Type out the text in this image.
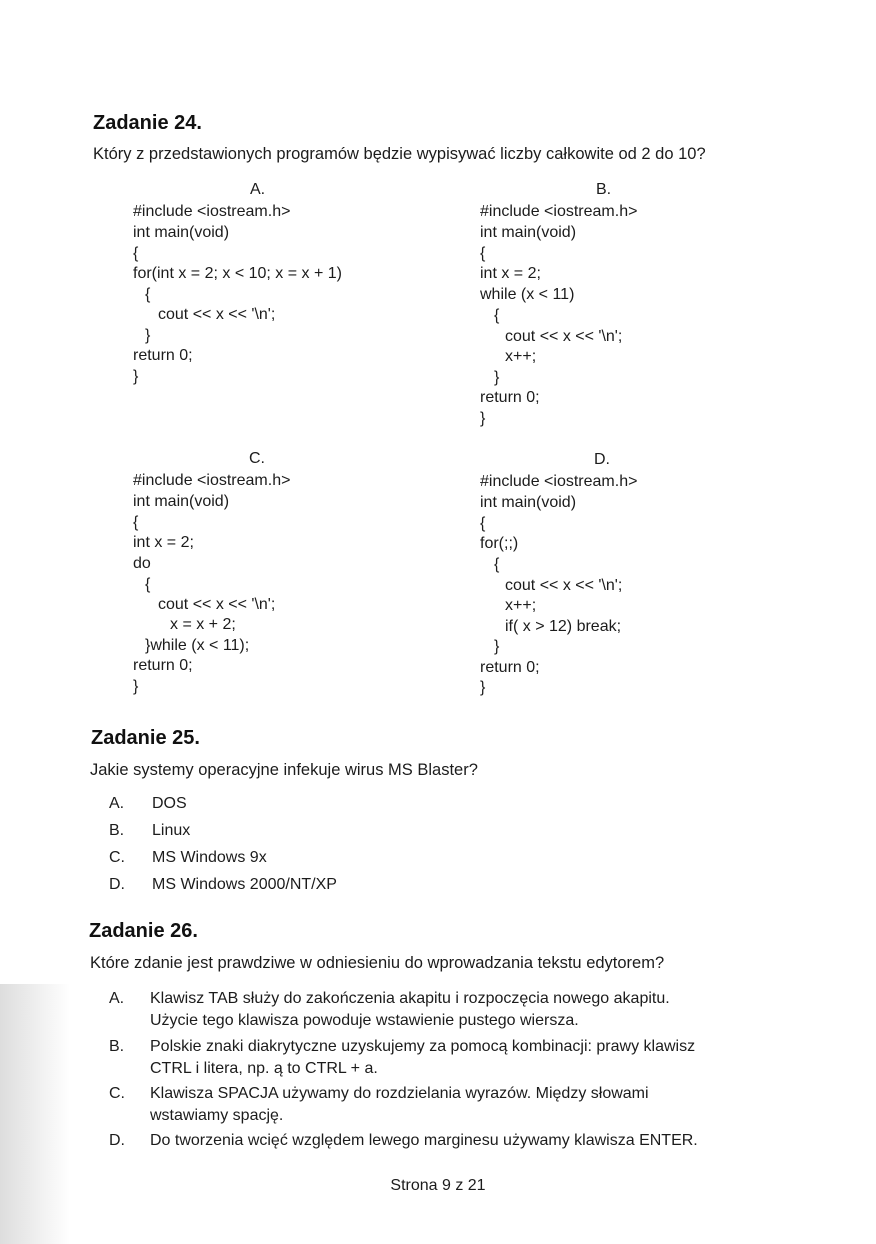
Zadanie 24.

Który z przedstawionych programów będzie wypisywać liczby całkowite od 2 do 10?

A.
#include <iostream.h>
int main(void)
{
for(int x = 2; x < 10; x = x + 1)
{
cout << x << '\n';
}
return 0;
}
B.
#include <iostream.h>
int main(void)
{
int x = 2;
while (x < 11)
{
cout << x << '\n';
x++;
}
return 0;
}
C.
#include <iostream.h>
int main(void)
{
int x = 2;
do
{
cout << x << '\n';
x = x + 2;
}while (x < 11);
return 0;
}
D.
#include <iostream.h>
int main(void)
{
for(;;)
{
cout << x << '\n';
x++;
if( x > 12) break;
}
return 0;
}
Zadanie 25.

Jakie systemy operacyjne infekuje wirus MS Blaster?

A. DOS
B. Linux
C. MS Windows 9x
D. MS Windows 2000/NT/XP
Zadanie 26.

Które zdanie jest prawdziwe w odniesieniu do wprowadzania tekstu edytorem?

A. Klawisz TAB służy do zakończenia akapitu i rozpoczęcia nowego akapitu.
Użycie tego klawisza powoduje wstawienie pustego wiersza.
B. Polskie znaki diakrytyczne uzyskujemy za pomocą kombinacji: prawy klawisz
CTRL i litera, np. ą to CTRL + a.
C. Klawisza SPACJA używamy do rozdzielania wyrazów. Między słowami
wstawiamy spację.
D. Do tworzenia wcięć względem lewego marginesu używamy klawisza ENTER.
Strona 9 z 21
